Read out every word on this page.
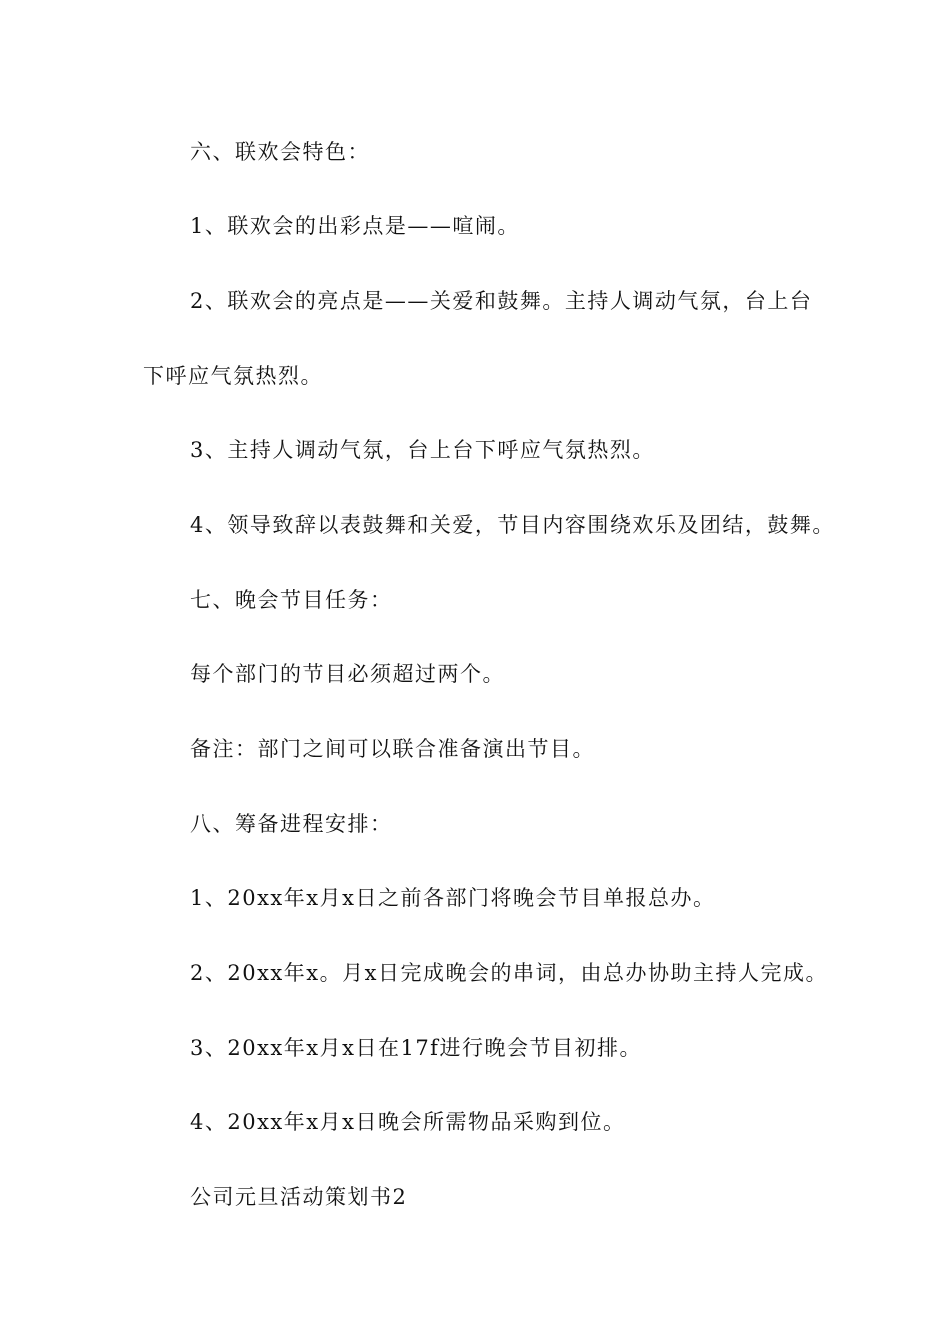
六、联欢会特色：
1、联欢会的出彩点是——喧闹。
2、联欢会的亮点是——关爱和鼓舞。主持人调动气氛，台上台
下呼应气氛热烈。
3、主持人调动气氛，台上台下呼应气氛热烈。
4、领导致辞以表鼓舞和关爱，节目内容围绕欢乐及团结，鼓舞。
七、晚会节目任务：
每个部门的节目必须超过两个。
备注：部门之间可以联合准备演出节目。
八、筹备进程安排：
1、20xx年x月x日之前各部门将晚会节目单报总办。
2、20xx年x。月x日完成晚会的串词，由总办协助主持人完成。
3、20xx年x月x日在17f进行晚会节目初排。
4、20xx年x月x日晚会所需物品采购到位。
公司元旦活动策划书2
